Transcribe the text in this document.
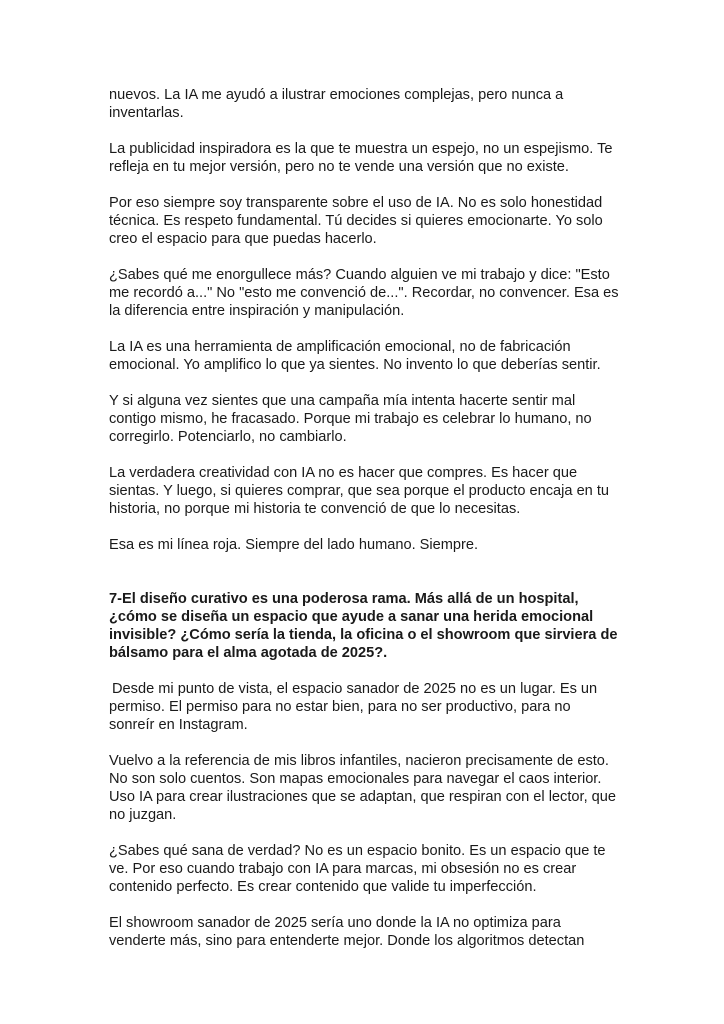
nuevos. La IA me ayudó a ilustrar emociones complejas, pero nunca a inventarlas.

La publicidad inspiradora es la que te muestra un espejo, no un espejismo. Te refleja en tu mejor versión, pero no te vende una versión que no existe.

Por eso siempre soy transparente sobre el uso de IA. No es solo honestidad técnica. Es respeto fundamental. Tú decides si quieres emocionarte. Yo solo creo el espacio para que puedas hacerlo.

¿Sabes qué me enorgullece más? Cuando alguien ve mi trabajo y dice: "Esto me recordó a..." No "esto me convenció de...". Recordar, no convencer. Esa es la diferencia entre inspiración y manipulación.

La IA es una herramienta de amplificación emocional, no de fabricación emocional. Yo amplifico lo que ya sientes. No invento lo que deberías sentir.

Y si alguna vez sientes que una campaña mía intenta hacerte sentir mal contigo mismo, he fracasado. Porque mi trabajo es celebrar lo humano, no corregirlo. Potenciarlo, no cambiarlo.

La verdadera creatividad con IA no es hacer que compres. Es hacer que sientas. Y luego, si quieres comprar, que sea porque el producto encaja en tu historia, no porque mi historia te convenció de que lo necesitas.

Esa es mi línea roja. Siempre del lado humano. Siempre.

7-El diseño curativo es una poderosa rama. Más allá de un hospital, ¿cómo se diseña un espacio que ayude a sanar una herida emocional invisible? ¿Cómo sería la tienda, la oficina o el showroom que sirviera de bálsamo para el alma agotada de 2025?.

Desde mi punto de vista, el espacio sanador de 2025 no es un lugar. Es un permiso. El permiso para no estar bien, para no ser productivo, para no sonreír en Instagram.

Vuelvo a la referencia de mis libros infantiles, nacieron precisamente de esto. No son solo cuentos. Son mapas emocionales para navegar el caos interior. Uso IA para crear ilustraciones que se adaptan, que respiran con el lector, que no juzgan.

¿Sabes qué sana de verdad? No es un espacio bonito. Es un espacio que te ve. Por eso cuando trabajo con IA para marcas, mi obsesión no es crear contenido perfecto. Es crear contenido que valide tu imperfección.

El showroom sanador de 2025 sería uno donde la IA no optimiza para venderte más, sino para entenderte mejor. Donde los algoritmos detectan
